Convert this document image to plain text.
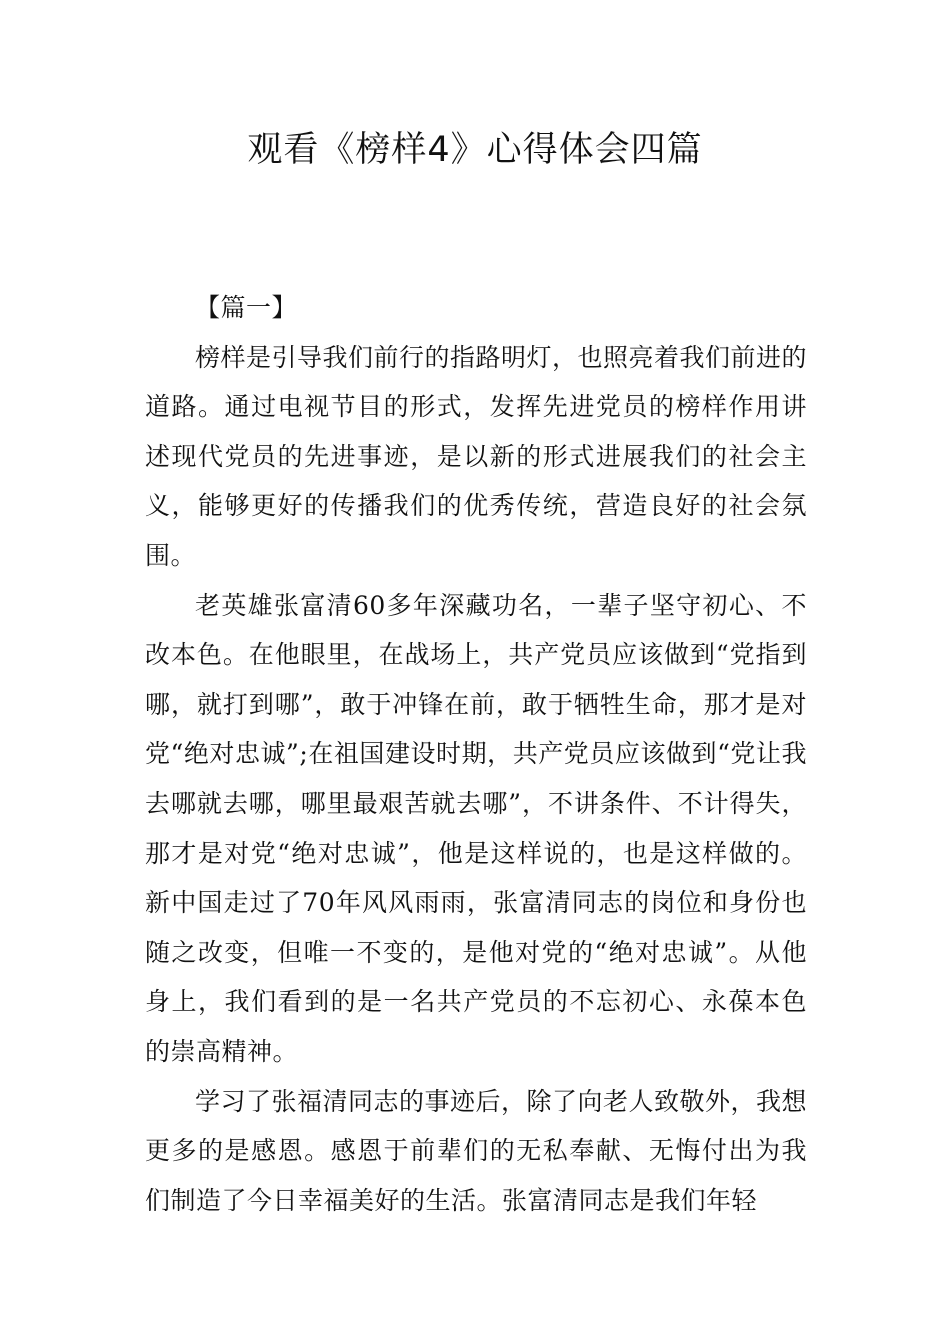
观看《榜样4》心得体会四篇

【篇一】

榜样是引导我们前行的指路明灯，也照亮着我们前进的道路。通过电视节目的形式，发挥先进党员的榜样作用讲述现代党员的先进事迹，是以新的形式进展我们的社会主义，能够更好的传播我们的优秀传统，营造良好的社会氛围。

老英雄张富清60多年深藏功名，一辈子坚守初心、不改本色。在他眼里，在战场上，共产党员应该做到“党指到哪，就打到哪”，敢于冲锋在前，敢于牺牲生命，那才是对党“绝对忠诚”;在祖国建设时期，共产党员应该做到“党让我去哪就去哪，哪里最艰苦就去哪”，不讲条件、不计得失，那才是对党“绝对忠诚”，他是这样说的，也是这样做的。新中国走过了70年风风雨雨，张富清同志的岗位和身份也随之改变，但唯一不变的，是他对党的“绝对忠诚”。从他身上，我们看到的是一名共产党员的不忘初心、永葆本色的崇高精神。

学习了张福清同志的事迹后，除了向老人致敬外，我想更多的是感恩。感恩于前辈们的无私奉献、无悔付出为我们制造了今日幸福美好的生活。张富清同志是我们年轻
